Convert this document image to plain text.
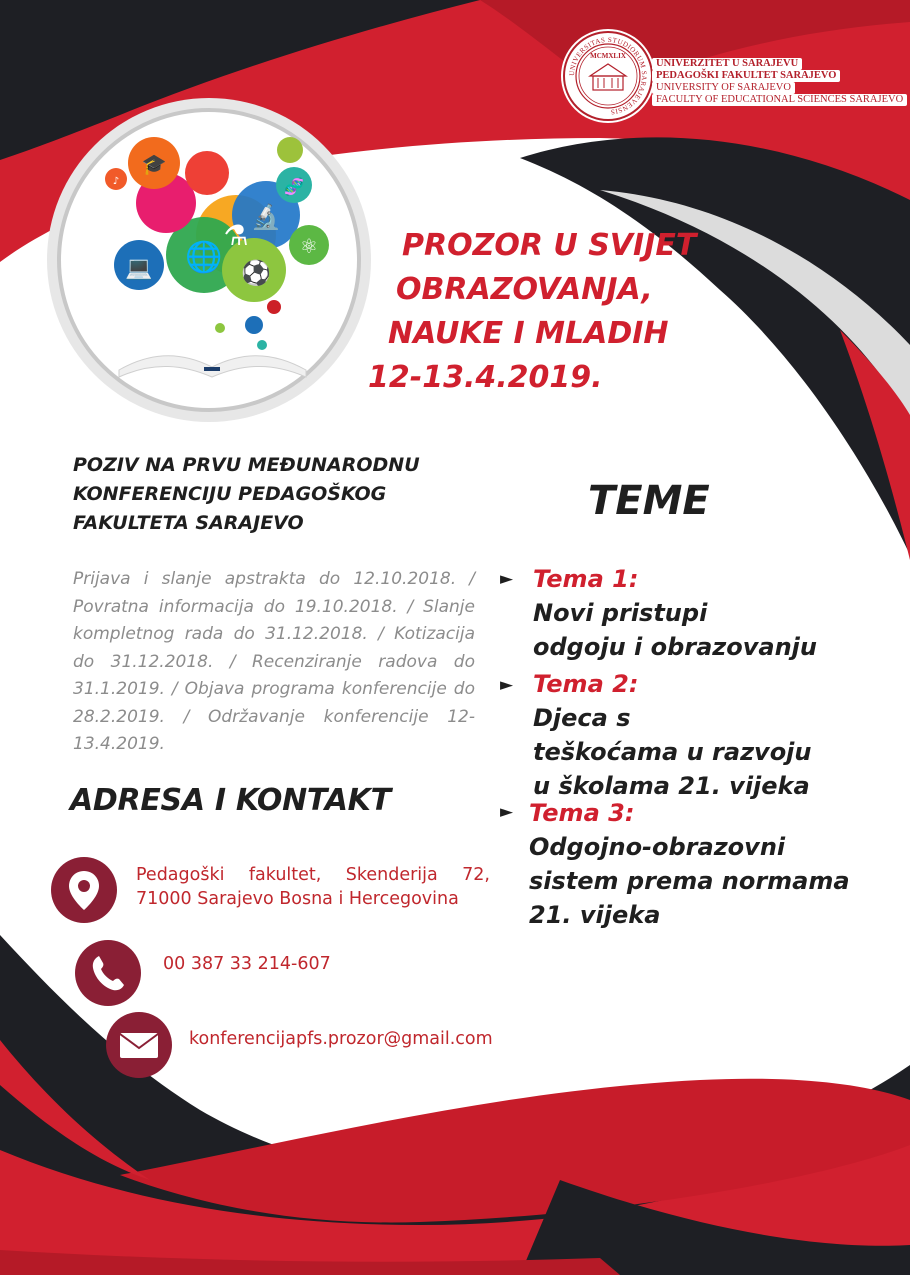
UNIVERSITAS STUDIORUM SARAJEVENSIS
MCMXLIX
UNIVERZITET U SARAJEVU
PEDAGOŠKI FAKULTET SARAJEVO
UNIVERSITY OF SARAJEVO
FACULTY OF EDUCATIONAL SCIENCES SARAJEVO
🎓
⚗
🌐
🔬
⚽
💻
⚛
🧬
♪
PROZOR U SVIJET
OBRAZOVANJA,
NAUKE I MLADIH
12-13.4.2019.
POZIV NA PRVU MEĐUNARODNU
KONFERENCIJU PEDAGOŠKOG
FAKULTETA SARAJEVO
Prijava i slanje apstrakta do 12.10.2018. / Povratna informacija do 19.10.2018. / Slanje kompletnog rada do 31.12.2018. / Kotizacija do 31.12.2018. / Recenziranje radova do 31.1.2019. / Objava programa konferencije do 28.2.2019. / Održavanje konferencije 12-13.4.2019.
ADRESA I KONTAKT
Pedagoški fakultet, Skenderija 72, 71000 Sarajevo Bosna i Hercegovina
00 387 33 214-607
konferencijapfs.prozor@gmail.com
TEME
► Tema 1:
Novi pristupi
odgoju i obrazovanju
► Tema 2:
Djeca s
teškoćama u razvoju
u školama 21. vijeka
► Tema 3:
Odgojno-obrazovni
sistem prema normama
21. vijeka
